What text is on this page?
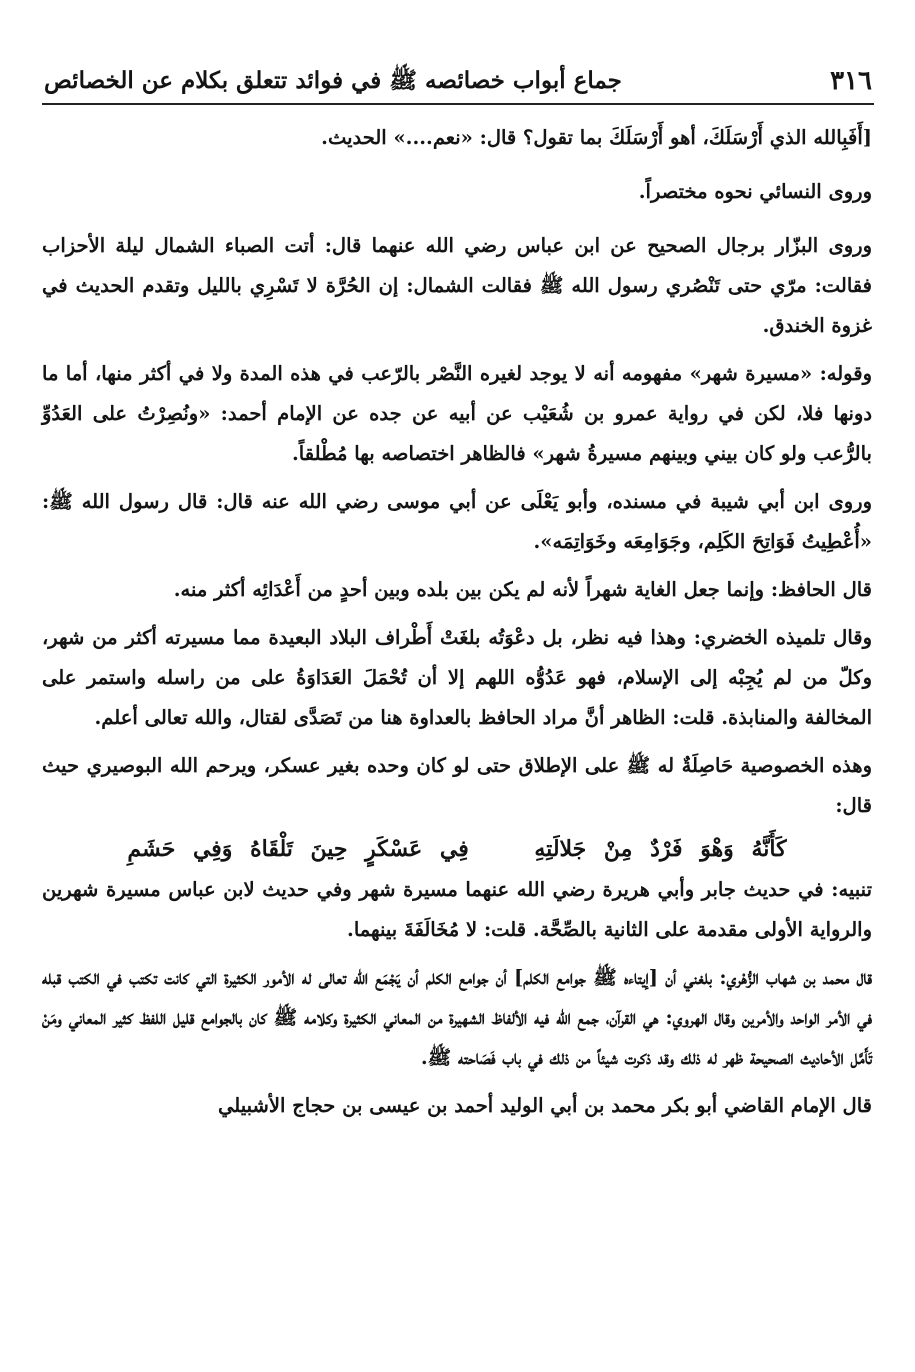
٣١٦
جماع أبواب خصائصه ﷺ في فوائد تتعلق بكلام عن الخصائص

[أَفَبِالله الذي أَرْسَلَكَ، أهو أَرْسَلَكَ بما تقول؟ قال: «نعم....» الحديث.

وروى النسائي نحوه مختصراً.

وروى البزّار برجال الصحيح عن ابن عباس رضي الله عنهما قال: أتت الصباء الشمال ليلة الأحزاب فقالت: مرّي حتى تَنْصُري رسول الله ﷺ فقالت الشمال: إن الحُرَّة لا تَسْرِي بالليل وتقدم الحديث في غزوة الخندق.

وقوله: «مسيرة شهر» مفهومه أنه لا يوجد لغيره النَّصْر بالرّعب في هذه المدة ولا في أكثر منها، أما ما دونها فلا، لكن في رواية عمرو بن شُعَيْب عن أبيه عن جده عن الإمام أحمد: «ونُصِرْتُ على العَدُوِّ بالرُّعب ولو كان بيني وبينهم مسيرةُ شهر» فالظاهر اختصاصه بها مُطْلقاً.

وروى ابن أبي شيبة في مسنده، وأبو يَعْلَى عن أبي موسى رضي الله عنه قال: قال رسول الله ﷺ: «أُعْطِيتُ فَوَاتِحَ الكَلِم، وجَوَامِعَه وخَوَاتِمَه».

قال الحافظ: وإنما جعل الغاية شهراً لأنه لم يكن بين بلده وبين أحدٍ من أَعْدَائِه أكثر منه.

وقال تلميذه الخضري: وهذا فيه نظر، بل دعْوَتُه بلغَتْ أَطْراف البلاد البعيدة مما مسيرته أكثر من شهر، وكلّ من لم يُجِبْه إلى الإسلام، فهو عَدُوُّه اللهم إلا أن تُحْمَلَ العَدَاوَةُ على من راسله واستمر على المخالفة والمنابذة. قلت: الظاهر أنَّ مراد الحافظ بالعداوة هنا من تَصَدَّى لقتال، والله تعالى أعلم.

وهذه الخصوصية حَاصِلَةٌ له ﷺ على الإطلاق حتى لو كان وحده بغير عسكر، ويرحم الله البوصيري حيث قال:

كَأَنَّهُ وَهْوَ فَرْدٌ مِنْ جَلالَتِهِ فِي عَسْكَرٍ حِينَ تَلْقَاهُ وَفِي حَشَمِ

تنبيه: في حديث جابر وأبي هريرة رضي الله عنهما مسيرة شهر وفي حديث لابن عباس مسيرة شهرين والرواية الأولى مقدمة على الثانية بالصِّحَّة. قلت: لا مُخَالَفَةَ بينهما.

قال محمد بن شهاب الزُّهْري: بلغني أن [إيتاءه ﷺ جوامع الكلم] أن جوامع الكلم أن يَجْمَع الله تعالى له الأمور الكثيرة التي كانت تكتب في الكتب قبله في الأمر الواحد والأمرين وقال الهروي: هي القرآن، جمع الله فيه الألفاظ الشهيرة من المعاني الكثيرة وكلامه ﷺ كان بالجوامع قليل اللفظ كثير المعاني ومَنْ تَأَمَّل الأحاديث الصحيحة ظهر له ذلك وقد ذكرت شيئاً من ذلك في باب فَصَاحته ﷺ.

قال الإمام القاضي أبو بكر محمد بن أبي الوليد أحمد بن عيسى بن حجاج الأشبيلي
